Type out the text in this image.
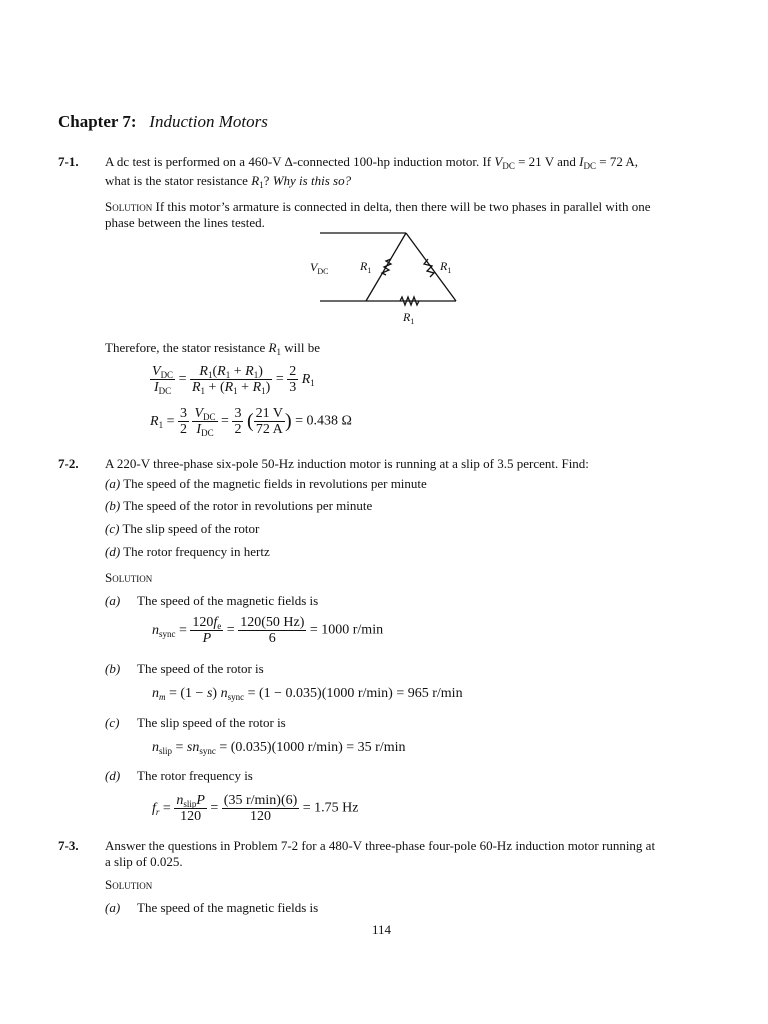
Chapter 7: Induction Motors
7-1. A dc test is performed on a 460-V Δ-connected 100-hp induction motor. If $V_{DC} = 21$ V and $I_{DC} = 72$ A,
what is the stator resistance $R_1$? Why is this so?
Solution If this motor’s armature is connected in delta, then there will be two phases in parallel with one
phase between the lines tested.
$V_{DC}$	$R_1$	$R_1$
$R_1$
Therefore, the stator resistance $R_1$ will be
$\frac{V_{DC}}{I_{DC}} = \frac{R_1(R_1 + R_1)}{R_1 + (R_1 + R_1)} = \frac{2}{3} R_1$
$R_1 = \frac{3}{2}$
$\frac{V_{DC}}{I_{DC}} = \frac{3}{2}$ ( $\frac{21 V}{72 A}$ ) = 0.438 Ω
7-2. A 220-V three-phase six-pole 50-Hz induction motor is running at a slip of 3.5 percent. Find:
(a) The speed of the magnetic fields in revolutions per minute
(b) The speed of the rotor in revolutions per minute
(c) The slip speed of the rotor
(d) The rotor frequency in hertz
Solution
(a) The speed of the magnetic fields is
$n_{sync} = \frac{120f_e}{P} = \frac{120(50 Hz)}{6} = 1000$ r/min
(b) The speed of the rotor is
$n_m = (1 - s) n_{sync} = (1 - 0.035)(1000$ r/min) = 965 r/min
(c) The slip speed of the rotor is
$n_{slip} = sn_{sync} = (0.035)(1000$ r/min) = 35 r/min
(d) The rotor frequency is
$f_r = \frac{n_{slip}P}{120} = \frac{(35 r/\min)(6)}{120} = 1.75$ Hz
7-3. Answer the questions in Problem 7-2 for a 480-V three-phase four-pole 60-Hz induction motor running at
a slip of 0.025.
Solution
(a) The speed of the magnetic fields is
114
